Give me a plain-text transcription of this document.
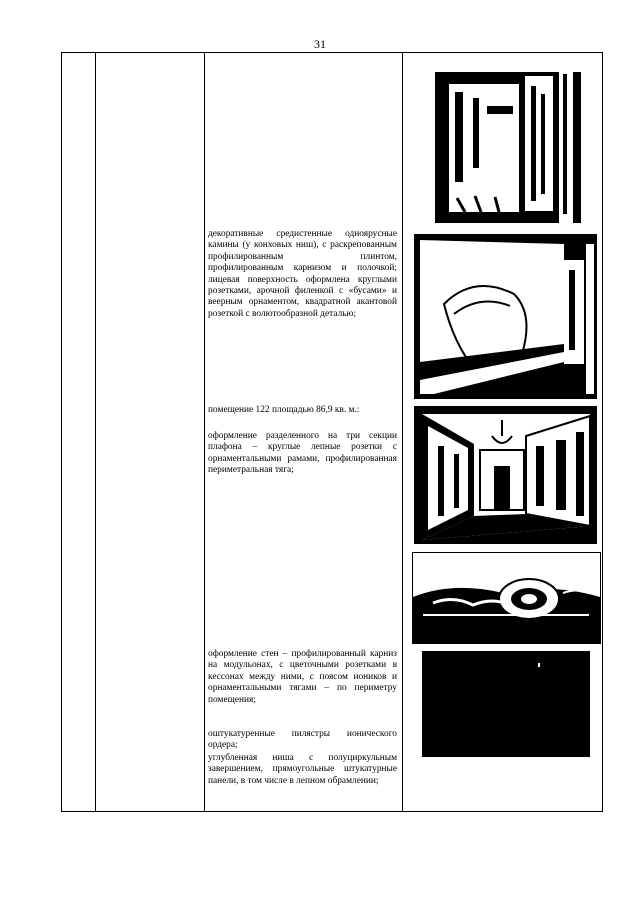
31

декоративные средистенные одноярусные камины (у конховых ниш), с раскрепованным профилированным плинтом, профилированным карнизом и полочкой; лицевая поверхность оформлена круглыми розетками, арочной филенкой с «бусами» и веерным орнаментом, квадратной акантовой розеткой с волютообразной деталью;

помещение 122 площадью 86,9 кв. м.:

оформление разделенного на три секции плафона – круглые лепные розетки с орнаментальными рамами, профилированная периметральная тяга;

оформление стен – профилированный карниз на модульонах, с цветочными розетками в кессонах между ними, с поясом иоников и орнаментальными тягами – по периметру помещения;

оштукатуренные пилястры ионического ордера;

углубленная ниша с полуциркульным завершением, прямоугольные штукатурные панели, в том числе в лепном обрамлении;
